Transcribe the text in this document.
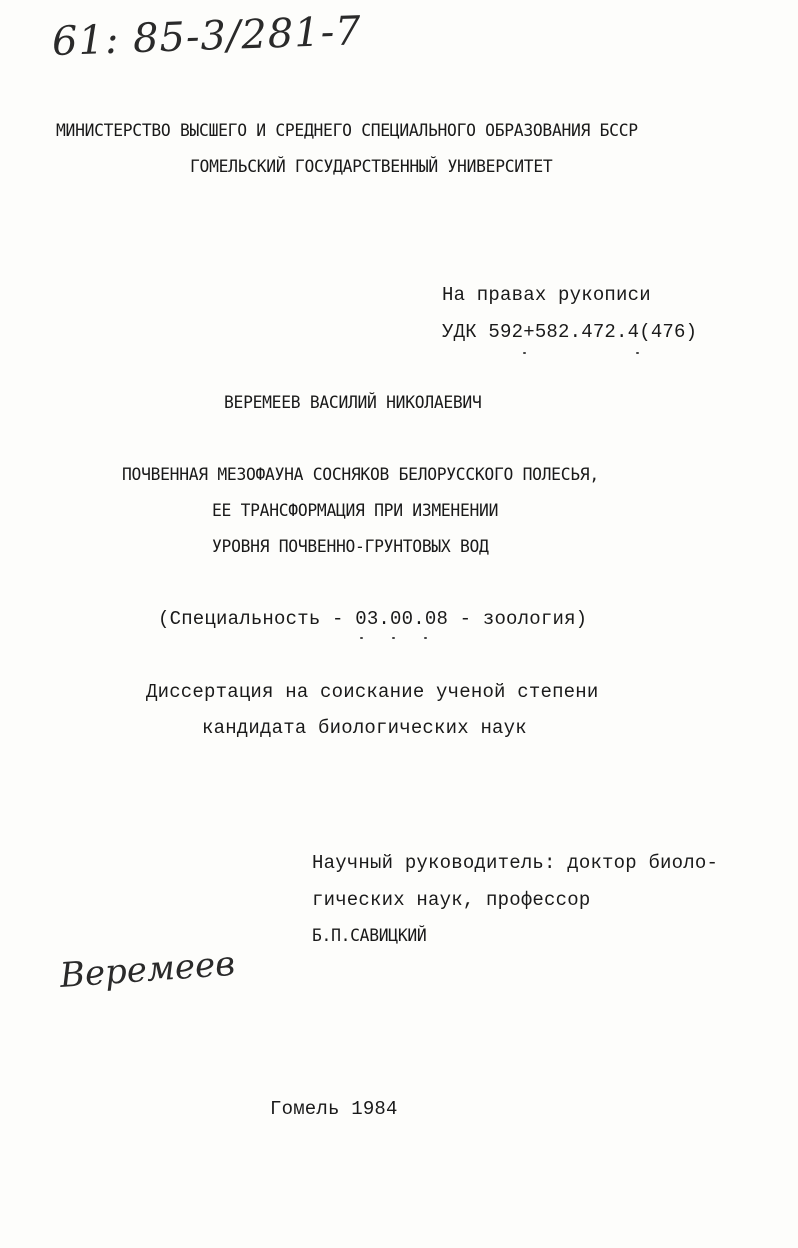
61: 85-3/281-7
МИНИСТЕРСТВО ВЫСШЕГО И СРЕДНЕГО СПЕЦИАЛЬНОГО ОБРАЗОВАНИЯ БССР
ГОМЕЛЬСКИЙ ГОСУДАРСТВЕННЫЙ УНИВЕРСИТЕТ
На правах рукописи
УДК 592+582.472.4(476)
ВЕРЕМЕЕВ ВАСИЛИЙ НИКОЛАЕВИЧ
ПОЧВЕННАЯ МЕЗОФАУНА СОСНЯКОВ БЕЛОРУССКОГО ПОЛЕСЬЯ,
ЕЕ ТРАНСФОРМАЦИЯ ПРИ ИЗМЕНЕНИИ
УРОВНЯ ПОЧВЕННО-ГРУНТОВЫХ ВОД
(Специальность - 03.00.08 - зоология)
Диссертация на соискание ученой степени
кандидата биологических наук
Научный руководитель: доктор биоло-
гических наук, профессор
Б.П.САВИЦКИЙ
Веремеев
Гомель 1984
